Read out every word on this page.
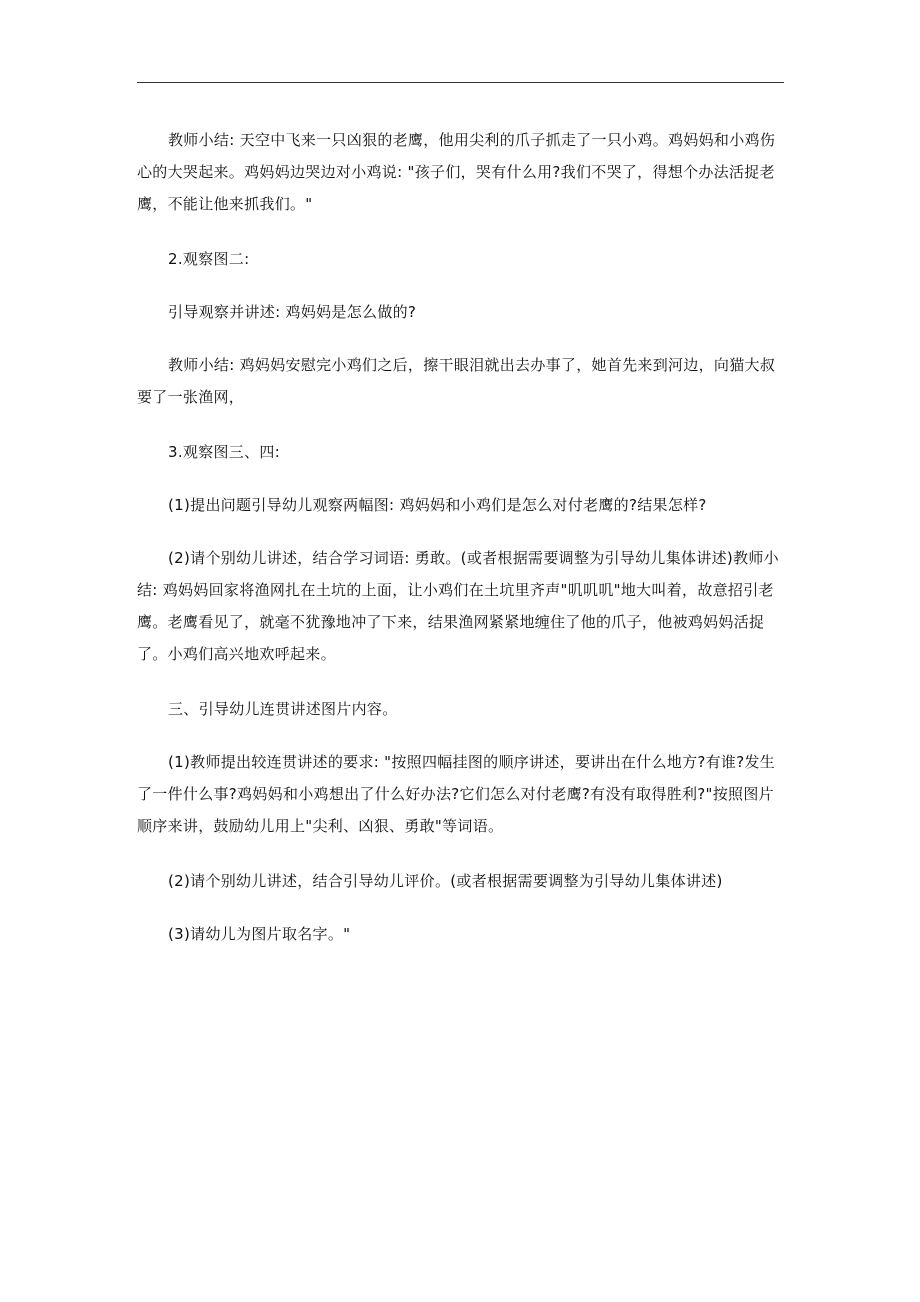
教师小结: 天空中飞来一只凶狠的老鹰，他用尖利的爪子抓走了一只小鸡。鸡妈妈和小鸡伤心的大哭起来。鸡妈妈边哭边对小鸡说: "孩子们，哭有什么用?我们不哭了，得想个办法活捉老鹰，不能让他来抓我们。"

2.观察图二:

引导观察并讲述: 鸡妈妈是怎么做的?

教师小结: 鸡妈妈安慰完小鸡们之后，擦干眼泪就出去办事了，她首先来到河边，向猫大叔要了一张渔网，

3.观察图三、四:

(1)提出问题引导幼儿观察两幅图: 鸡妈妈和小鸡们是怎么对付老鹰的?结果怎样?

(2)请个别幼儿讲述，结合学习词语: 勇敢。(或者根据需要调整为引导幼儿集体讲述)教师小结: 鸡妈妈回家将渔网扎在土坑的上面，让小鸡们在土坑里齐声"叽叽叽"地大叫着，故意招引老鹰。老鹰看见了，就毫不犹豫地冲了下来，结果渔网紧紧地缠住了他的爪子，他被鸡妈妈活捉了。小鸡们高兴地欢呼起来。

三、引导幼儿连贯讲述图片内容。

(1)教师提出较连贯讲述的要求: "按照四幅挂图的顺序讲述，要讲出在什么地方?有谁?发生了一件什么事?鸡妈妈和小鸡想出了什么好办法?它们怎么对付老鹰?有没有取得胜利?"按照图片顺序来讲，鼓励幼儿用上"尖利、凶狠、勇敢"等词语。

(2)请个别幼儿讲述，结合引导幼儿评价。(或者根据需要调整为引导幼儿集体讲述)

(3)请幼儿为图片取名字。"
